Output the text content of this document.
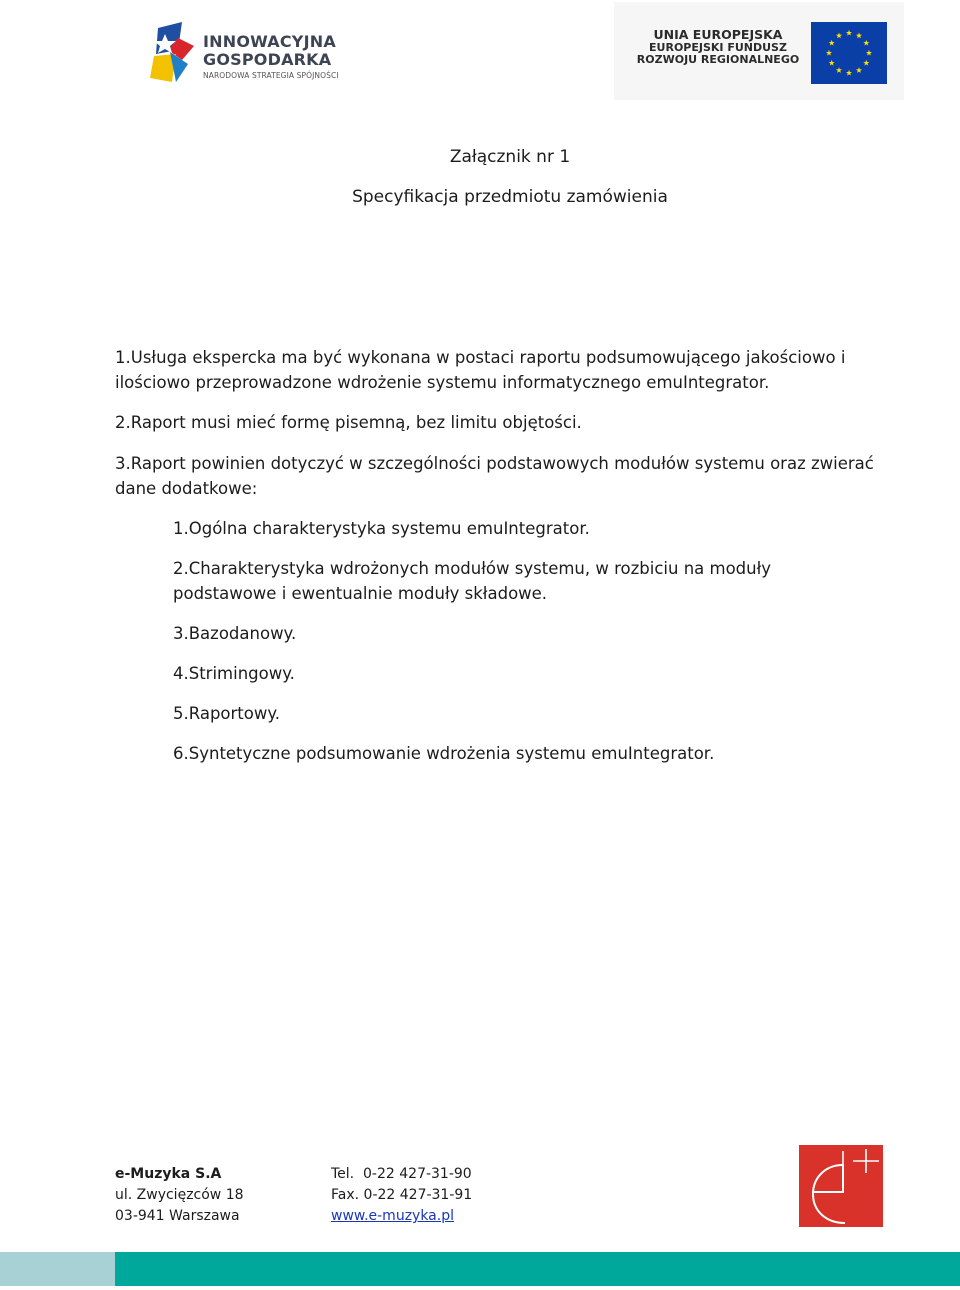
INNOWACYJNA
GOSPODARKA
NARODOWA STRATEGIA SPÓJNOŚCI
UNIA EUROPEJSKA
EUROPEJSKI FUNDUSZ
ROZWOJU REGIONALNEGO
Załącznik nr 1
Specyfikacja przedmiotu zamówienia

1.Usługa ekspercka ma być wykonana w postaci raportu podsumowującego jakościowo i ilościowo przeprowadzone wdrożenie systemu informatycznego emuIntegrator.

2.Raport musi mieć formę pisemną, bez limitu objętości.

3.Raport powinien dotyczyć w szczególności podstawowych modułów systemu oraz zwierać dane dodatkowe:

1.Ogólna charakterystyka systemu emuIntegrator.

2.Charakterystyka wdrożonych modułów systemu, w rozbiciu na moduły podstawowe i ewentualnie moduły składowe.

3.Bazodanowy.

4.Strimingowy.

5.Raportowy.

6.Syntetyczne podsumowanie wdrożenia systemu emuIntegrator.

e-Muzyka S.A
ul. Zwycięzców 18
03-941 Warszawa
Tel.  0-22 427-31-90
Fax. 0-22 427-31-91
www.e-muzyka.pl
